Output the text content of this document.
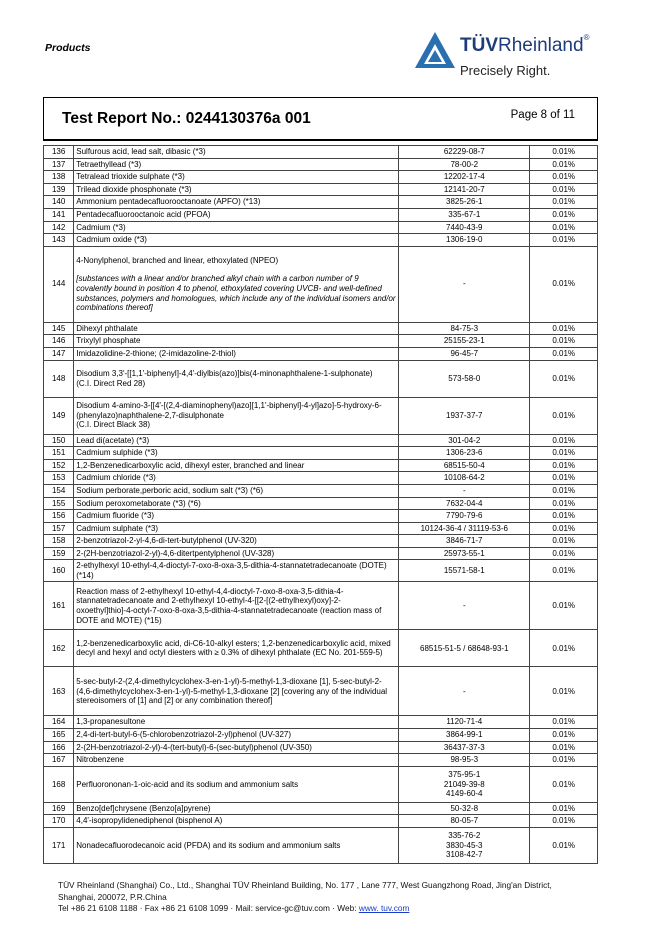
Products	TÜVRheinland®
Precisely Right.
Test Report No.: 0244130376a 001	Page 8 of 11
136	Sulfurous acid, lead salt, dibasic (*3)	62229-08-7	0.01%
137	Tetraethyllead (*3)	78-00-2	0.01%
138	Tetralead trioxide sulphate (*3)	12202-17-4	0.01%
139	Trilead dioxide phosphonate (*3)	12141-20-7	0.01%
140	Ammonium pentadecafluorooctanoate (APFO) (*13)	3825-26-1	0.01%
141	Pentadecafluorooctanoic acid (PFOA)	335-67-1	0.01%
142	Cadmium (*3)	7440-43-9	0.01%
143	Cadmium oxide (*3)	1306-19-0	0.01%
144	4-Nonylphenol, branched and linear, ethoxylated (NPEO)
[substances with a linear and/or branched alkyl chain with a carbon number of 9 covalently bound in position 4 to phenol, ethoxylated covering UVCB- and well-defined substances, polymers and homologues, which include any of the individual isomers and/or combinations thereof]	-	0.01%
145	Dihexyl phthalate	84-75-3	0.01%
146	Trixylyl phosphate	25155-23-1	0.01%
147	Imidazolidine-2-thione; (2-imidazoline-2-thiol)	96-45-7	0.01%
148	Disodium 3,3'-[[1,1'-biphenyl]-4,4'-diylbis(azo)]bis(4-minonaphthalene-1-sulphonate)
(C.I. Direct Red 28)	573-58-0	0.01%
149	Disodium 4-amino-3-[[4'-[(2,4-diaminophenyl)azo][1,1'-biphenyl]-4-yl]azo]-5-hydroxy-6-(phenylazo)naphthalene-2,7-disulphonate
(C.I. Direct Black 38)	1937-37-7	0.01%
150	Lead di(acetate) (*3)	301-04-2	0.01%
151	Cadmium sulphide (*3)	1306-23-6	0.01%
152	1,2-Benzenedicarboxylic acid, dihexyl ester, branched and linear	68515-50-4	0.01%
153	Cadmium chloride (*3)	10108-64-2	0.01%
154	Sodium perborate,perboric acid, sodium salt (*3) (*6)	-	0.01%
155	Sodium peroxometaborate (*3) (*6)	7632-04-4	0.01%
156	Cadmium fluoride (*3)	7790-79-6	0.01%
157	Cadmium sulphate (*3)	10124-36-4 / 31119-53-6	0.01%
158	2-benzotriazol-2-yl-4,6-di-tert-butylphenol (UV-320)	3846-71-7	0.01%
159	2-(2H-benzotriazol-2-yl)-4,6-ditertpentylphenol (UV-328)	25973-55-1	0.01%
160	2-ethylhexyl 10-ethyl-4,4-dioctyl-7-oxo-8-oxa-3,5-dithia-4-stannatetradecanoate (DOTE) (*14)	15571-58-1	0.01%
161	Reaction mass of 2-ethylhexyl 10-ethyl-4,4-dioctyl-7-oxo-8-oxa-3,5-dithia-4-stannatetradecanoate and 2-ethylhexyl 10-ethyl-4-[[2-[(2-ethylhexyl)oxy]-2-oxoethyl]thio]-4-octyl-7-oxo-8-oxa-3,5-dithia-4-stannatetradecanoate (reaction mass of DOTE and MOTE) (*15)	-	0.01%
162	1,2-benzenedicarboxylic acid, di-C6-10-alkyl esters; 1,2-benzenedicarboxylic acid, mixed decyl and hexyl and octyl diesters with ≥ 0.3% of dihexyl phthalate (EC No. 201-559-5)	68515-51-5 / 68648-93-1	0.01%
163	5-sec-butyl-2-(2,4-dimethylcyclohex-3-en-1-yl)-5-methyl-1,3-dioxane [1], 5-sec-butyl-2-(4,6-dimethylcyclohex-3-en-1-yl)-5-methyl-1,3-dioxane [2] [covering any of the individual stereoisomers of [1] and [2] or any combination thereof]	-	0.01%
164	1,3-propanesultone	1120-71-4	0.01%
165	2,4-di-tert-butyl-6-(5-chlorobenzotriazol-2-yl)phenol (UV-327)	3864-99-1	0.01%
166	2-(2H-benzotriazol-2-yl)-4-(tert-butyl)-6-(sec-butyl)phenol (UV-350)	36437-37-3	0.01%
167	Nitrobenzene	98-95-3	0.01%
168	Perfluorononan-1-oic-acid and its sodium and ammonium salts	375-95-1
21049-39-8
4149-60-4	0.01%
169	Benzo[def]chrysene (Benzo[a]pyrene)	50-32-8	0.01%
170	4,4'-isopropylidenediphenol (bisphenol A)	80-05-7	0.01%
171	Nonadecafluorodecanoic acid (PFDA) and its sodium and ammonium salts	335-76-2
3830-45-3
3108-42-7	0.01%
TÜV Rheinland (Shanghai) Co., Ltd., Shanghai TÜV Rheinland Building, No. 177 , Lane 777, West Guangzhong Road, Jing'an District,
Shanghai, 200072, P.R.China
Tel +86 21 6108 1188 · Fax +86 21 6108 1099 · Mail: service-gc@tuv.com · Web: www. tuv.com
